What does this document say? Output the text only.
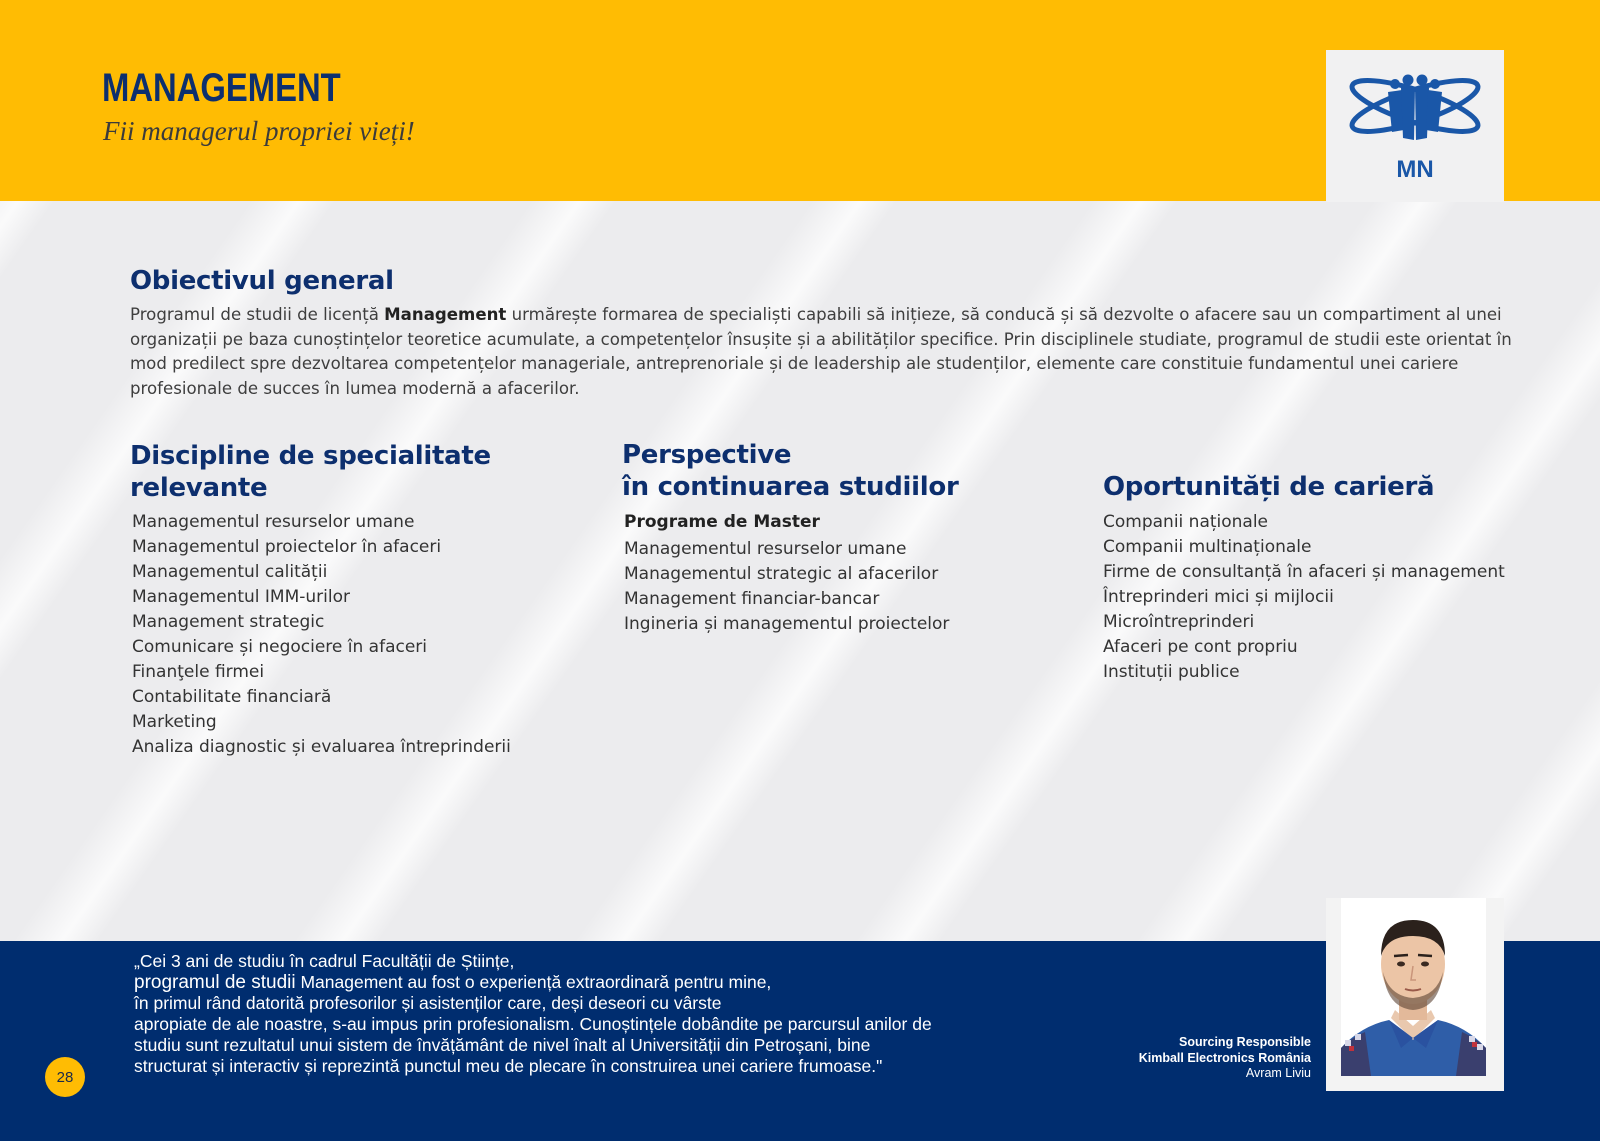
MANAGEMENT
Fii managerul propriei vieți!
MN
Obiectivul general

Programul de studii de licență Management urmărește formarea de specialiști capabili să inițieze, să conducă și să dezvolte o afacere sau un compartiment al unei organizații pe baza cunoștințelor teoretice acumulate, a competențelor însușite și a abilităților specifice. Prin disciplinele studiate, programul de studii este orientat în mod predilect spre dezvoltarea competențelor manageriale, antreprenoriale și de leadership ale studenților, elemente care constituie fundamentul unei cariere profesionale de succes în lumea modernă a afacerilor.

Discipline de specialitate
relevante
Managementul resurselor umane
Managementul proiectelor în afaceri
Managementul calității
Managementul IMM-urilor
Management strategic
Comunicare și negociere în afaceri
Finanţele firmei
Contabilitate financiară
Marketing
Analiza diagnostic și evaluarea întreprinderii
Perspective
în continuarea studiilor
Programe de Master
Managementul resurselor umane
Managementul strategic al afacerilor
Management financiar-bancar
Ingineria și managementul proiectelor
Oportunități de carieră
Companii naționale
Companii multinaționale
Firme de consultanță în afaceri și management
Întreprinderi mici și mijlocii
Microîntreprinderi
Afaceri pe cont propriu
Instituții publice
„Cei 3 ani de studiu în cadrul Facultății de Științe,
programul de studii Management au fost o experiență extraordinară pentru mine,
în primul rând datorită profesorilor și asistenților care, deși deseori cu vârste
apropiate de ale noastre, s-au impus prin profesionalism. Cunoștințele dobândite pe parcursul anilor de
studiu sunt rezultatul unui sistem de învățământ de nivel înalt al Universității din Petroșani, bine
structurat și interactiv și reprezintă punctul meu de plecare în construirea unei cariere frumoase."
28
Sourcing Responsible
Kimball Electronics România
Avram Liviu
